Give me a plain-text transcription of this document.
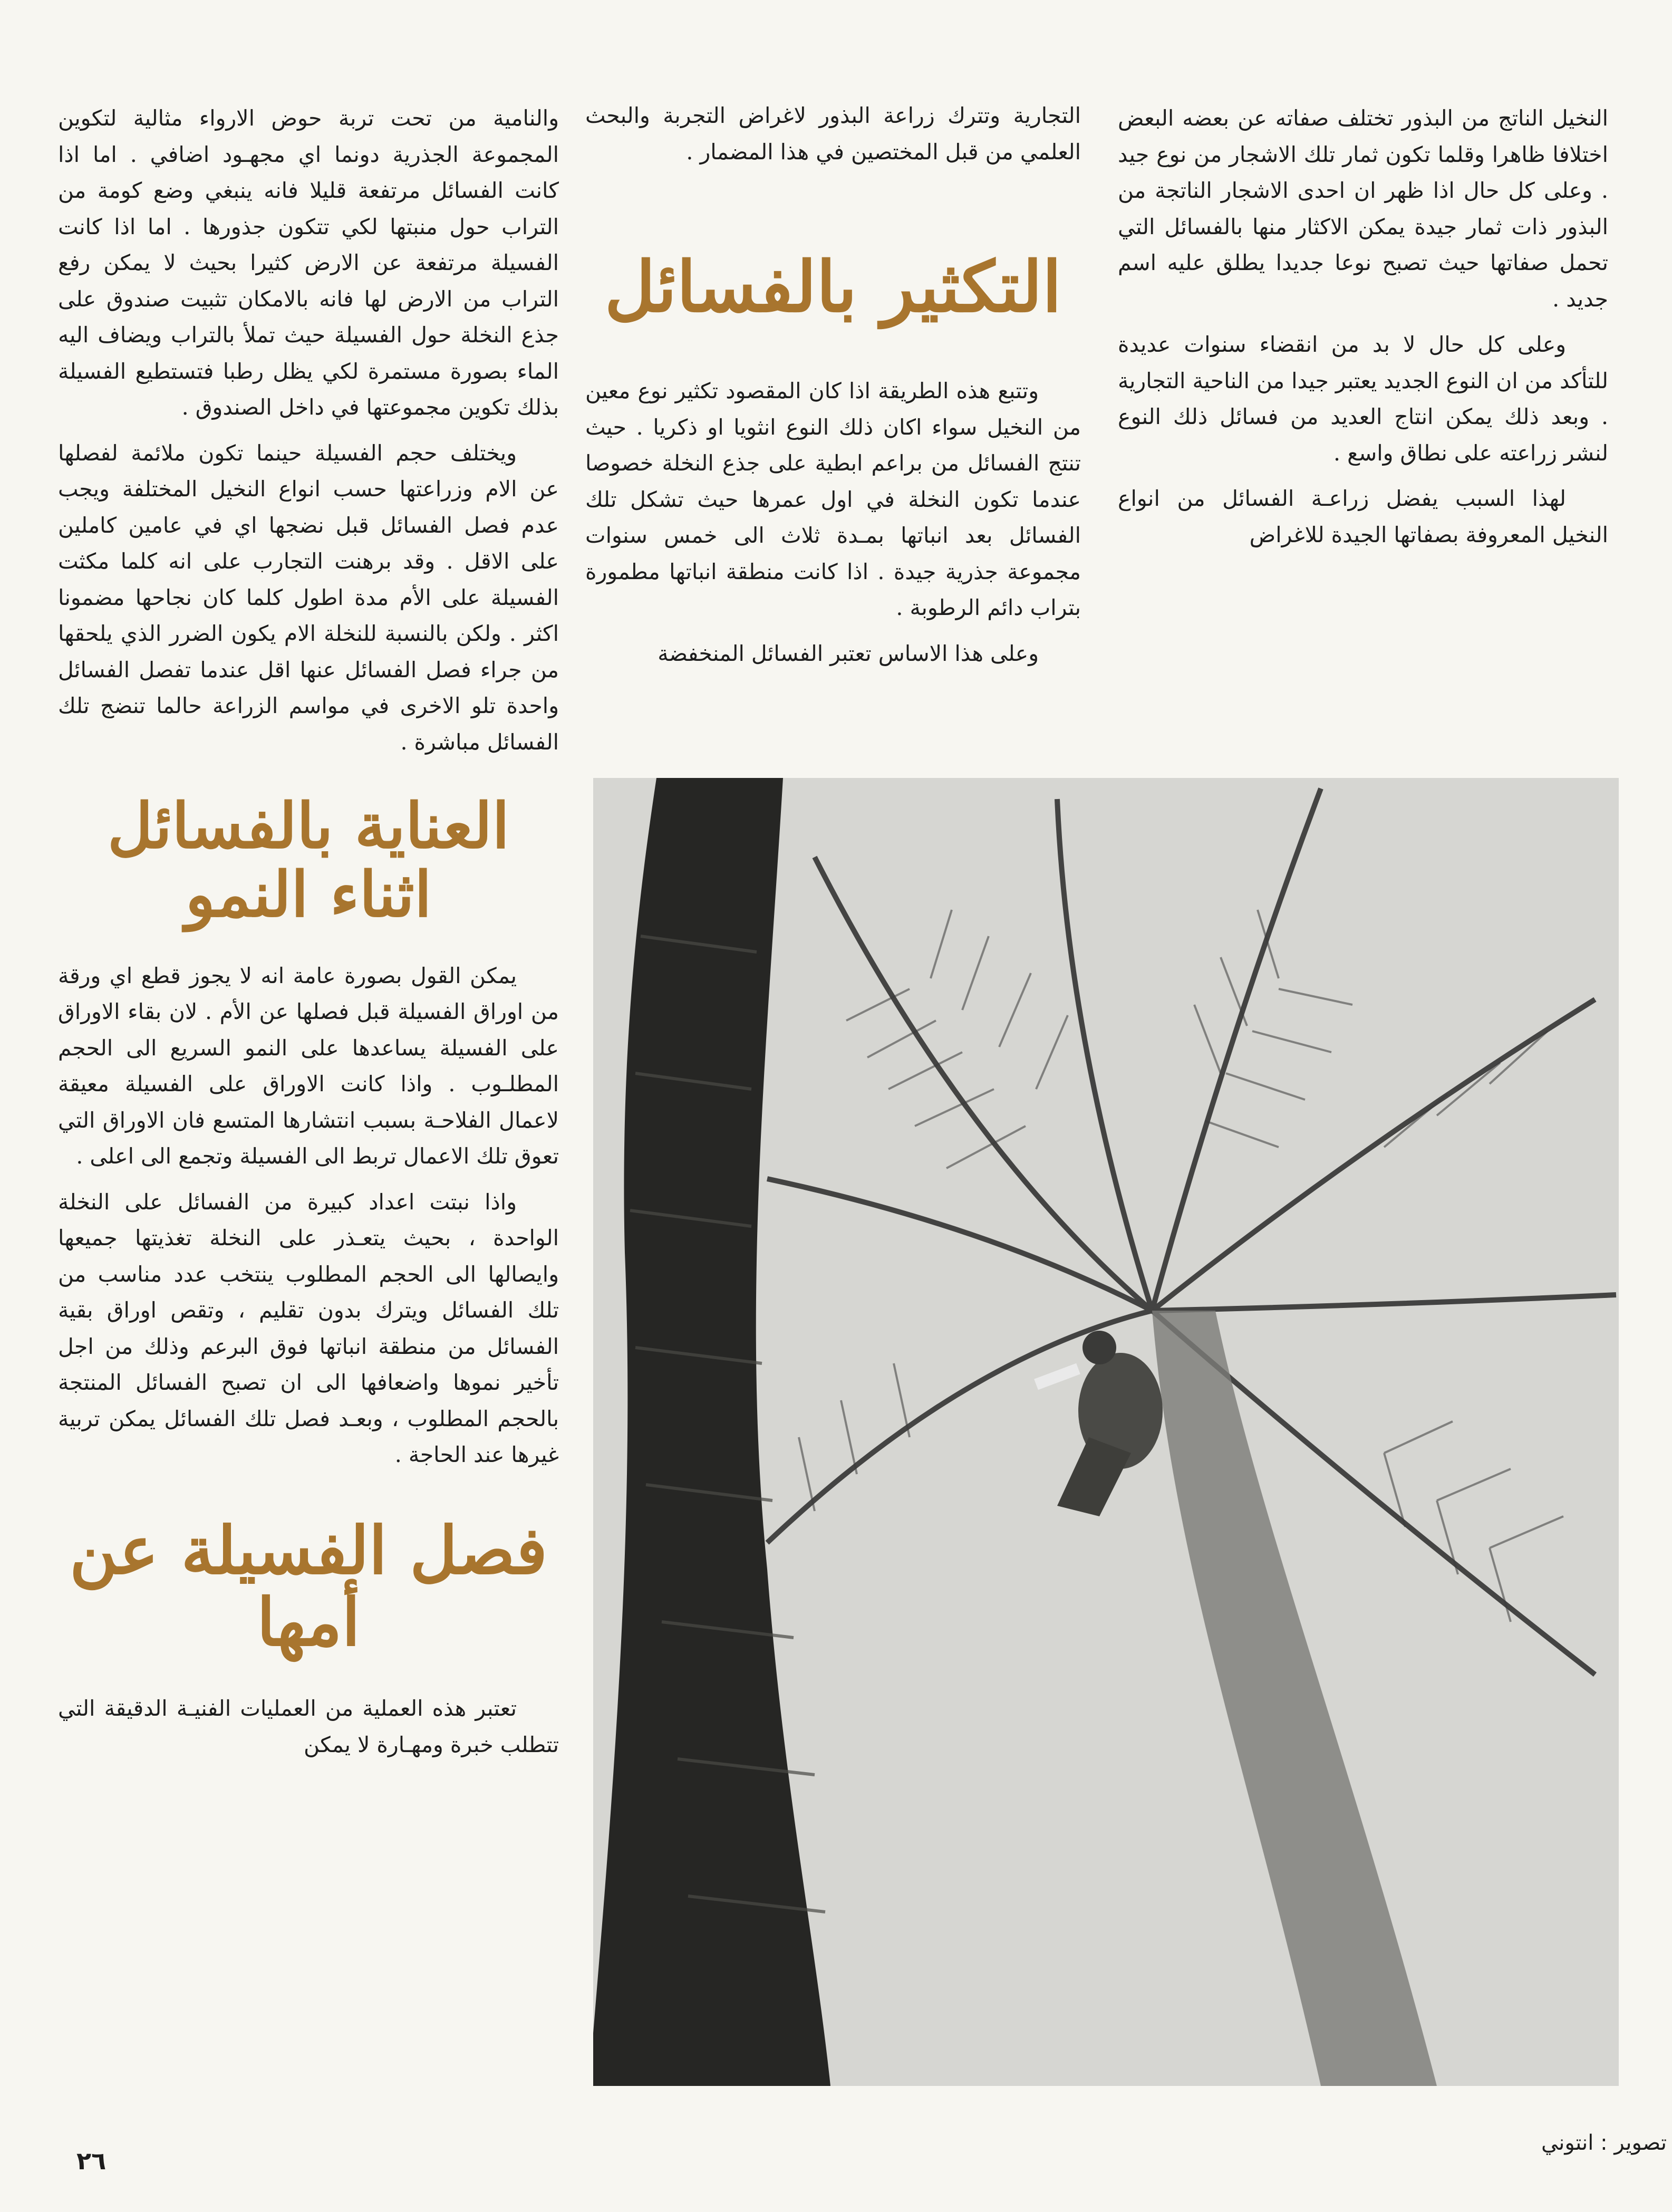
النخيل الناتج من البذور تختلف صفاته عن بعضه البعض اختلافا ظاهرا وقلما تكون ثمار تلك الاشجار من نوع جيد . وعلى كل حال اذا ظهر ان احدى الاشجار الناتجة من البذور ذات ثمار جيدة يمكن الاكثار منها بالفسائل التي تحمل صفاتها حيث تصبح نوعا جديدا يطلق عليه اسم جديد .

وعلى كل حال لا بد من انقضاء سنوات عديدة للتأكد من ان النوع الجديد يعتبر جيدا من الناحية التجارية . وبعد ذلك يمكن انتاج العديد من فسائل ذلك النوع لنشر زراعته على نطاق واسع .

لهذا السبب يفضل زراعـة الفسائل من انواع النخيل المعروفة بصفاتها الجيدة للاغراض

التجارية وتترك زراعة البذور لاغراض التجربة والبحث العلمي من قبل المختصين في هذا المضمار .

التكثير بالفسائل

وتتبع هذه الطريقة اذا كان المقصود تكثير نوع معين من النخيل سواء اكان ذلك النوع انثويا او ذكريا . حيث تنتج الفسائل من براعم ابطية على جذع النخلة خصوصا عندما تكون النخلة في اول عمرها حيث تشكل تلك الفسائل بعد انباتها بمـدة ثلاث الى خمس سنوات مجموعة جذرية جيدة . اذا كانت منطقة انباتها مطمورة بتراب دائم الرطوبة .

وعلى هذا الاساس تعتبر الفسائل المنخفضة

والنامية من تحت تربة حوض الارواء مثالية لتكوين المجموعة الجذرية دونما اي مجهـود اضافي . اما اذا كانت الفسائل مرتفعة قليلا فانه ينبغي وضع كومة من التراب حول منبتها لكي تتكون جذورها . اما اذا كانت الفسيلة مرتفعة عن الارض كثيرا بحيث لا يمكن رفع التراب من الارض لها فانه بالامكان تثبيت صندوق على جذع النخلة حول الفسيلة حيث تملأ بالتراب ويضاف اليه الماء بصورة مستمرة لكي يظل رطبا فتستطيع الفسيلة بذلك تكوين مجموعتها في داخل الصندوق .

ويختلف حجم الفسيلة حينما تكون ملائمة لفصلها عن الام وزراعتها حسب انواع النخيل المختلفة ويجب عدم فصل الفسائل قبل نضجها اي في عامين كاملين على الاقل . وقد برهنت التجارب على انه كلما مكثت الفسيلة على الأم مدة اطول كلما كان نجاحها مضمونا اكثر . ولكن بالنسبة للنخلة الام يكون الضرر الذي يلحقها من جراء فصل الفسائل عنها اقل عندما تفصل الفسائل واحدة تلو الاخرى في مواسم الزراعة حالما تنضج تلك الفسائل مباشرة .

العناية بالفسائل اثناء النمو

يمكن القول بصورة عامة انه لا يجوز قطع اي ورقة من اوراق الفسيلة قبل فصلها عن الأم . لان بقاء الاوراق على الفسيلة يساعدها على النمو السريع الى الحجم المطلـوب . واذا كانت الاوراق على الفسيلة معيقة لاعمال الفلاحـة بسبب انتشارها المتسع فان الاوراق التي تعوق تلك الاعمال تربط الى الفسيلة وتجمع الى اعلى .

واذا نبتت اعداد كبيرة من الفسائل على النخلة الواحدة ، بحيث يتعـذر على النخلة تغذيتها جميعها وايصالها الى الحجم المطلوب ينتخب عدد مناسب من تلك الفسائل ويترك بدون تقليم ، وتقص اوراق بقية الفسائل من منطقة انباتها فوق البرعم وذلك من اجل تأخير نموها واضعافها الى ان تصبح الفسائل المنتجة بالحجم المطلوب ، وبعـد فصل تلك الفسائل يمكن تربية غيرها عند الحاجة .

فصل الفسيلة عن أمها

تعتبر هذه العملية من العمليات الفنيـة الدقيقة التي تتطلب خبرة ومهـارة لا يمكن

٢٦
تصوير : انتوني
